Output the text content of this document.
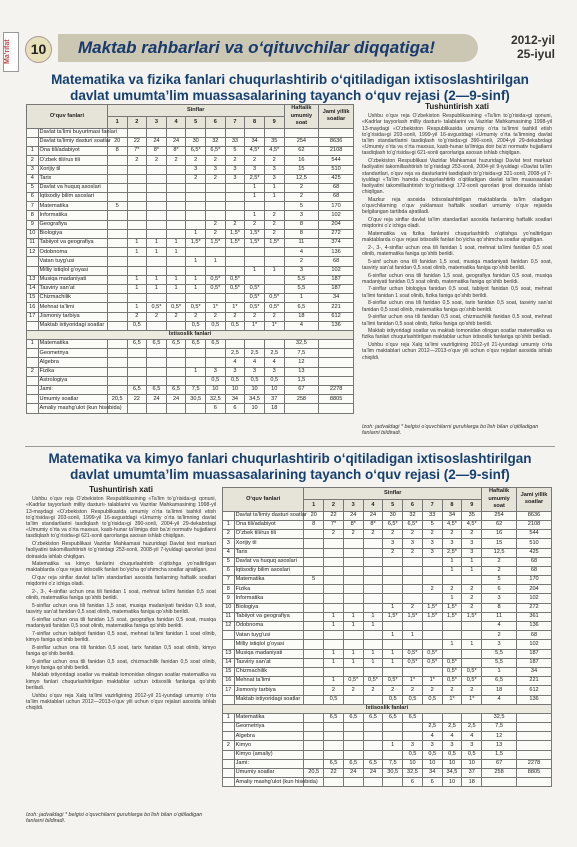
Ma'rifat	10	Maktab rahbarlari va o‘qituvchilar diqqatiga!	2012-yil
25-iyul
Matematika va fizika fanlari chuqurlashtirib o‘qitiladigan ixtisoslashtirilgan davlat umumta’lim muassasalarining tayanch o‘quv rejasi (2—9-sinf)
O‘quv fanlari		Sinflar									Haftalik umumiy soat	Jami yillik soatlar
		1	2	3	4	5	6	7	8	9		
	Davlat ta’limi buyurtmasi fanlari											
	Davlat ta’limiy dasturi soatlar	20	22	24	24	30	32	33	34	35	254	8636
1	Ona tili/adabiyot	8	7*	8*	8*	6,5*	6,5*	5	4,5*	4,5*	62	2108
2	O‘zbek tili/rus tili		2	2	2	2	2	2	2	2	16	544
3	Xorijiy til					3	3	3	3	3	15	510
4	Tarix					2	2	3	2,5*	3	12,5	425
5	Davlat va huquq asoslari								1	1	2	68
6	Iqtisodiy bilim asoslari								1	1	2	68
7	Matematika	5									5	170
8	Informatika								1	2	3	102
9	Geografiya						2	2	2	2	8	204
10	Biologiya					1	2	1,5*	1,5*	2	8	272
11	Tabiiyot va geografiya		1	1	1	1,5*	1,5*	1,5*	1,5*	1,5*	11	374
12	Odobnoma		1	1	1						4	136
	Vatan tuyg‘usi					1	1				2	68
	Milliy istiqlol g‘oyasi								1	1	3	102
13	Musiqa madaniyati		1	1	1	1	0,5*	0,5*			5,5	187
14	Tasviriy san’at		1	1	1	1	0,5*	0,5*	0,5*		5,5	187
15	Chizmachilik								0,5*	0,5*	1	34
16	Mehnat ta’limi		1	0,5*	0,5*	0,5*	1*	1*	0,5*	0,5*	6,5	221
17	Jismoniy tarbiya		2	2	2	2	2	2	2	2	18	612
	Maktab ixtiyoridagi soatlar		0,5			0,5	0,5	0,5	1*	1*	4	136
Ixtisoslik fanlari												
1	Matematika		6,5	6,5	6,5	6,5	6,5				32,5	
	Geometriya							2,5	2,5	2,5	7,5	
	Algebra							4	4	4	12	
2	Fizika					1	3	3	3	3	13	
	Astrologiya						0,5	0,5	0,5	0,5	1,5	
	Jami:		6,5	6,5	6,5	7,5	10	10	10	10	67	2278
	Umumiy soatlar	20,5	22	24	24	30,5	32,5	34	34,5	37	258	8805
	Amaliy mashg‘ulot (kun hisobida)						6	6	10	18		
Tushuntirish xati

Ushbu o‘quv reja O‘zbekiston Respublikasining «Ta’lim to‘g‘risida»gi qonuni, «Kadrlar tayyorlash milliy dasturi» talablarini va Vazirlar Mahkamasining 1998-yil 13-maydagi «O‘zbekiston Respublikasida umumiy o‘rta ta’limni tashkil etish to‘g‘risida»gi 203-sonli, 1999-yil 16-avgustdagi «Umumiy o‘rta ta’limning davlat ta’lim standartlarini tasdiqlash to‘g‘risida»gi 390-sonli, 2004-yil 29-dekabrdagi «Umumiy o‘rta va o‘rta maxsus, kasb-hunar ta’limiga doir ba’zi normativ hujjatlarni tasdiqlash to‘g‘risida»gi 621-sonli qarorlariga asosan ishlab chiqilgan.

O‘zbekiston Respublikasi Vazirlar Mahkamasi huzuridagi Davlat test markazi faoliyatini takomillashtirish to‘g‘risidagi 253-sonli, 2004-yil 9-iyuldagi «Davlat ta’lim standartlari, o‘quv reja va dasturlarini tasdiqlash to‘g‘risida»gi 321-sonli, 2008-yil 7-iyuldagi «Ta’lim hamda chuqurlashtirib o‘qitiladigan davlat ta’lim muassasalari faoliyatini takomillashtirish to‘g‘risida»gi 172-sonli qarorlari ijrosi doirasida ishlab chiqilgan.

Mazkur reja asosida ixtisoslashtirilgan maktablarda ta’lim oladigan o‘quvchilarning o‘quv yuklamasi haftalik soatlari umumiy o‘quv rejasida belgilangan tartibda ajratiladi.

O‘quv reja sinflar davlat ta’lim standartlari asosida fanlarning haftalik soatlari miqdorini o‘z ichiga oladi.

Matematika va fizika fanlarini chuqurlashtirib o‘qitishga yo‘naltirilgan maktablarda o‘quv rejasi ixtisoslik fanlari bo‘yicha qo‘shimcha soatlar ajratilgan.

2-, 3-, 4-sinflar uchun ona tili fanidan 1 soat, mehnat ta’limi fanidan 0,5 soat olinib, matematika faniga qo‘shib berildi.

5-sinf uchun ona tili fanidan 1,5 soat, musiqa madaniyati fanidan 0,5 soat, tasviriy san’at fanidan 0,5 soat olinib, matematika faniga qo‘shib berildi.

6-sinflar uchun ona tili fanidan 1,5 soat, geografiya fanidan 0,5 soat, musiqa madaniyati fanidan 0,5 soat olinib, matematika faniga qo‘shib berildi.

7-sinflar uchun biologiya fanidan 0,5 soat, tabiiyot fanidan 0,5 soat, mehnat ta’limi fanidan 1 soat olinib, fizika faniga qo‘shib berildi.

8-sinflar uchun ona tili fanidan 0,5 soat, tarix fanidan 0,5 soat, tasviriy san’at fanidan 0,5 soat olinib, matematika faniga qo‘shib berildi.

9-sinflar uchun ona tili fanidan 0,5 soat, chizmachilik fanidan 0,5 soat, mehnat ta’limi fanidan 0,5 soat olinib, fizika faniga qo‘shib berildi.

Maktab ixtiyoridagi soatlar va maktab tomonidan olingan soatlar matematika va fizika fanlari chuqurlashtirilgan maktablar uchun ixtisoslik fanlariga qo‘shib beriladi.

Ushbu o‘quv reja Xalq ta’limi vazirligining 2012-yil 21-iyundagi umumiy o‘rta ta’lim maktablari uchun 2012—2013-o‘quv yili uchun o‘quv rejalari asosida ishlab chiqildi.

Izoh: jadvaldagi * belgisi o‘quvchilarni guruhlarga bo‘lish bilan o‘qitiladigan fanlarni bildiradi.
Matematika va kimyo fanlari chuqurlashtirib o‘qitiladigan ixtisoslashtirilgan davlat umumta’lim muassasalarining tayanch o‘quv rejasi (2—9-sinf)
Tushuntirish xati

Ushbu o‘quv reja O‘zbekiston Respublikasining «Ta’lim to‘g‘risida»gi qonuni, «Kadrlar tayyorlash milliy dasturi» talablarini va Vazirlar Mahkamasining 1998-yil 13-maydagi «O‘zbekiston Respublikasida umumiy o‘rta ta’limni tashkil etish to‘g‘risida»gi 203-sonli, 1999-yil 16-avgustdagi «Umumiy o‘rta ta’limning davlat ta’lim standartlarini tasdiqlash to‘g‘risida»gi 390-sonli, 2004-yil 29-dekabrdagi «Umumiy o‘rta va o‘rta maxsus, kasb-hunar ta’limiga doir ba’zi normativ hujjatlarni tasdiqlash to‘g‘risida»gi 621-sonli qarorlariga asosan ishlab chiqilgan.

O‘zbekiston Respublikasi Vazirlar Mahkamasi huzuridagi Davlat test markazi faoliyatini takomillashtirish to‘g‘risidagi 253-sonli, 2008-yil 7-iyuldagi qarorlari ijrosi doirasida ishlab chiqilgan.

Matematika va kimyo fanlarini chuqurlashtirib o‘qitishga yo‘naltirilgan maktablarda o‘quv rejasi ixtisoslik fanlari bo‘yicha qo‘shimcha soatlar ajratilgan.

O‘quv reja sinflar davlat ta’lim standartlari asosida fanlarning haftalik soatlari miqdorini o‘z ichiga oladi.

2-, 3-, 4-sinflar uchun ona tili fanidan 1 soat, mehnat ta’limi fanidan 0,5 soat olinib, matematika faniga qo‘shib berildi.

5-sinflar uchun ona tili fanidan 1,5 soat, musiqa madaniyati fanidan 0,5 soat, tasviriy san’at fanidan 0,5 soat olinib, matematika faniga qo‘shib berildi.

6-sinflar uchun ona tili fanidan 1,5 soat, geografiya fanidan 0,5 soat, musiqa madaniyati fanidan 0,5 soat olinib, matematika faniga qo‘shib berildi.

7-sinflar uchun tabiiyot fanidan 0,5 soat, mehnat ta’limi fanidan 1 soat olinib, kimyo faniga qo‘shib berildi.

8-sinflar uchun ona tili fanidan 0,5 soat, tarix fanidan 0,5 soat olinib, kimyo faniga qo‘shib berildi.

9-sinflar uchun ona tili fanidan 0,5 soat, chizmachilik fanidan 0,5 soat olinib, kimyo faniga qo‘shib berildi.

Maktab ixtiyoridagi soatlar va maktab tomonidan olingan soatlar matematika va kimyo fanlari chuqurlashtirilgan maktablar uchun ixtisoslik fanlariga qo‘shib beriladi.

Ushbu o‘quv reja Xalq ta’limi vazirligining 2012-yil 21-iyundagi umumiy o‘rta ta’lim maktablari uchun 2012—2013-o‘quv yili uchun o‘quv rejalari asosida ishlab chiqildi.

Izoh: jadvaldagi * belgisi o‘quvchilarni guruhlarga bo‘lish bilan o‘qitiladigan fanlarni bildiradi.
O‘quv fanlari		Sinflar									Haftalik umumiy soat	Jami yillik soatlar
		1	2	3	4	5	6	7	8	9		
	Davlat ta’limiy dasturi soatlar	20	22	24	24	30	32	33	34	35	254	8636
1	Ona tili/adabiyot	8	7*	8*	8*	6,5*	6,5*	5	4,5*	4,5*	62	2108
2	O‘zbek tili/rus tili		2	2	2	2	2	2	2	2	16	544
3	Xorijiy til					3	3	3	3	3	15	510
4	Tarix					2	2	3	2,5*	3	12,5	425
5	Davlat va huquq asoslari								1	1	2	68
6	Iqtisodiy bilim asoslari								1	1	2	68
7	Matematika	5									5	170
8	Fizika							2	2	2	6	204
9	Informatika								1	2	3	102
10	Biologiya					1	2	1,5*	1,5*	2	8	272
11	Tabiiyot va geografiya		1	1	1	1,5*	1,5*	1,5*	1,5*	1,5*	11	361
12	Odobnoma		1	1	1						4	136
	Vatan tuyg‘usi					1	1				2	68
	Milliy istiqlol g‘oyasi								1	1	3	102
13	Musiqa madaniyati		1	1	1	1	0,5*	0,5*			5,5	187
14	Tasviriy san’at		1	1	1	1	0,5*	0,5*	0,5*		5,5	187
15	Chizmachilik								0,5*	0,5*	1	34
16	Mehnat ta’limi		1	0,5*	0,5*	0,5*	1*	1*	0,5*	0,5*	6,5	221
17	Jismoniy tarbiya		2	2	2	2	2	2	2	2	18	612
	Maktab ixtiyoridagi soatlar		0,5			0,5	0,5	0,5	1*	1*	4	136
Ixtisoslik fanlari												
1	Matematika		6,5	6,5	6,5	6,5	6,5				32,5	
	Geometriya							2,5	2,5	2,5	7,5	
	Algebra							4	4	4	12	
2	Kimyo					1	3	3	3	3	13	
	Kimyo (amaliy)						0,5	0,5	0,5	0,5	1,5	
	Jami:		6,5	6,5	6,5	7,5	10	10	10	10	67	2278
	Umumiy soatlar	20,5	22	24	24	30,5	32,5	34	34,5	37	258	8805
	Amaliy mashg‘ulot (kun hisobida)						6	6	10	18		
